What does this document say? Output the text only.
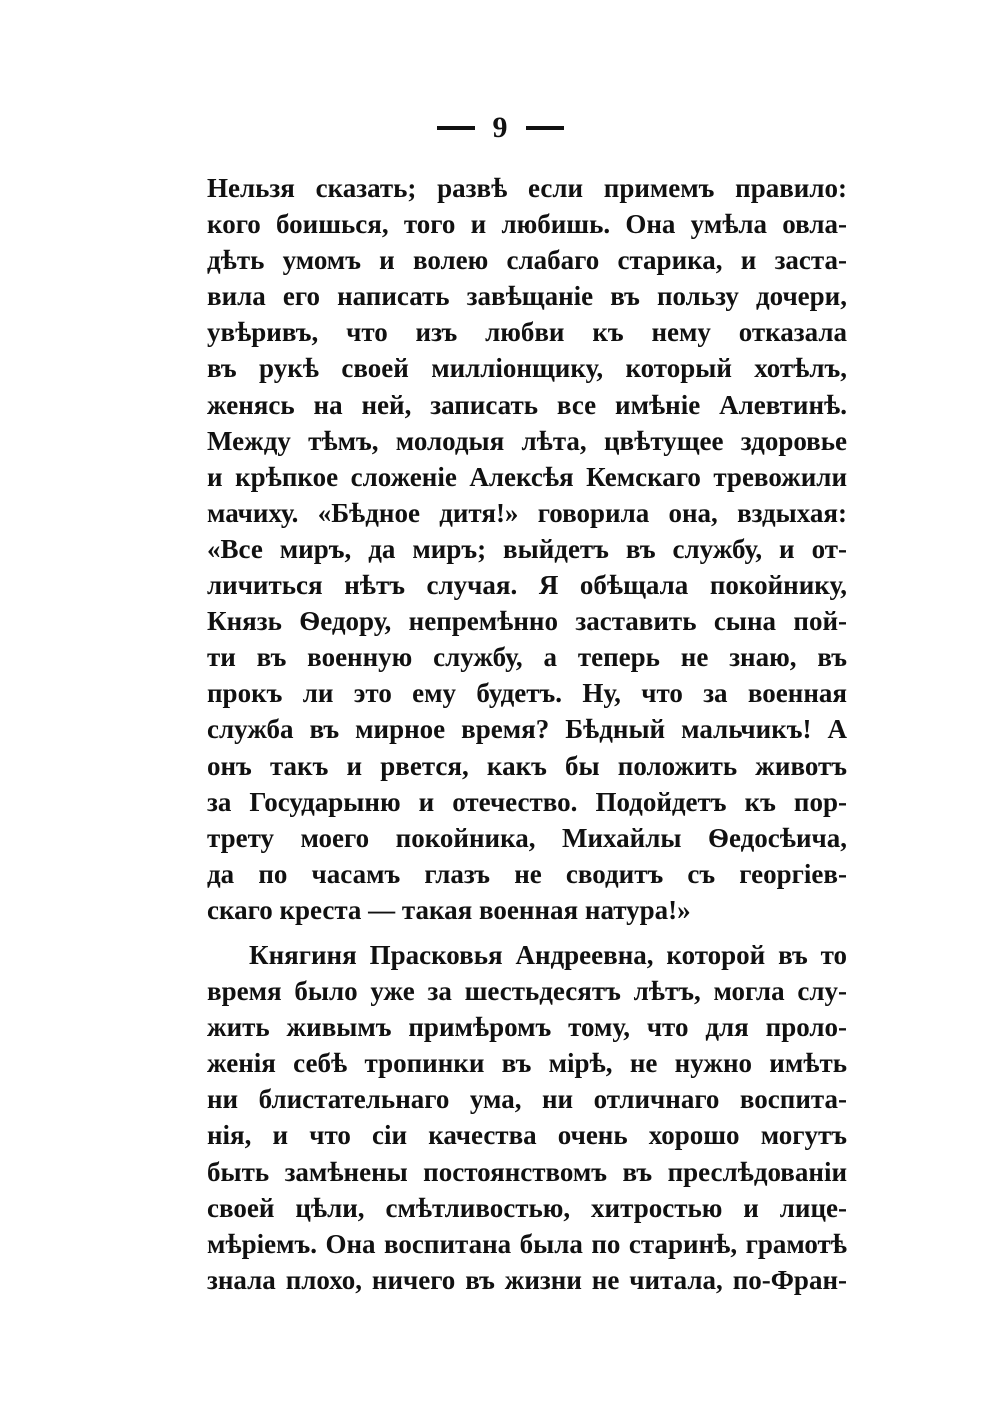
9
Нельзя сказать; развѣ если примемъ правило:
кого боишься, того и любишь. Она умѣла овла-
дѣть умомъ и волею слабаго старика, и заста-
вила его написать завѣщаніе въ пользу дочери,
увѣривъ, что изъ любви къ нему отказала
въ рукѣ своей милліонщику, который хотѣлъ,
женясь на ней, записать все имѣніе Алевтинѣ.
Между тѣмъ, молодыя лѣта, цвѣтущее здоровье
и крѣпкое сложеніе Алексѣя Кемскаго тревожили
мачиху. «Бѣдное дитя!» говорила она, вздыхая:
«Все миръ, да миръ; выйдетъ въ службу, и от-
личиться нѣтъ случая. Я обѣщала покойнику,
Князь Ѳедору, непремѣнно заставить сына пой-
ти въ военную службу, а теперь не знаю, въ
прокъ ли это ему будетъ. Ну, что за военная
служба въ мирное время? Бѣдный мальчикъ! А
онъ такъ и рвется, какъ бы положить животъ
за Государыню и отечество. Подойдетъ къ пор-
трету моего покойника, Михайлы Ѳедосѣича,
да по часамъ глазъ не сводитъ съ георгіев-
скаго креста — такая военная натура!»
Княгиня Прасковья Андреевна, которой въ то
время было уже за шестьдесятъ лѣтъ, могла слу-
жить живымъ примѣромъ тому, что для проло-
женія себѣ тропинки въ мірѣ, не нужно имѣть
ни блистательнаго ума, ни отличнаго воспита-
нія, и что сіи качества очень хорошо могутъ
быть замѣнены постоянствомъ въ преслѣдованіи
своей цѣли, смѣтливостью, хитростью и лицe-
мѣріемъ. Она воспитана была по старинѣ, грамотѣ
знала плохо, ничего въ жизни не читала, по-Фран-
